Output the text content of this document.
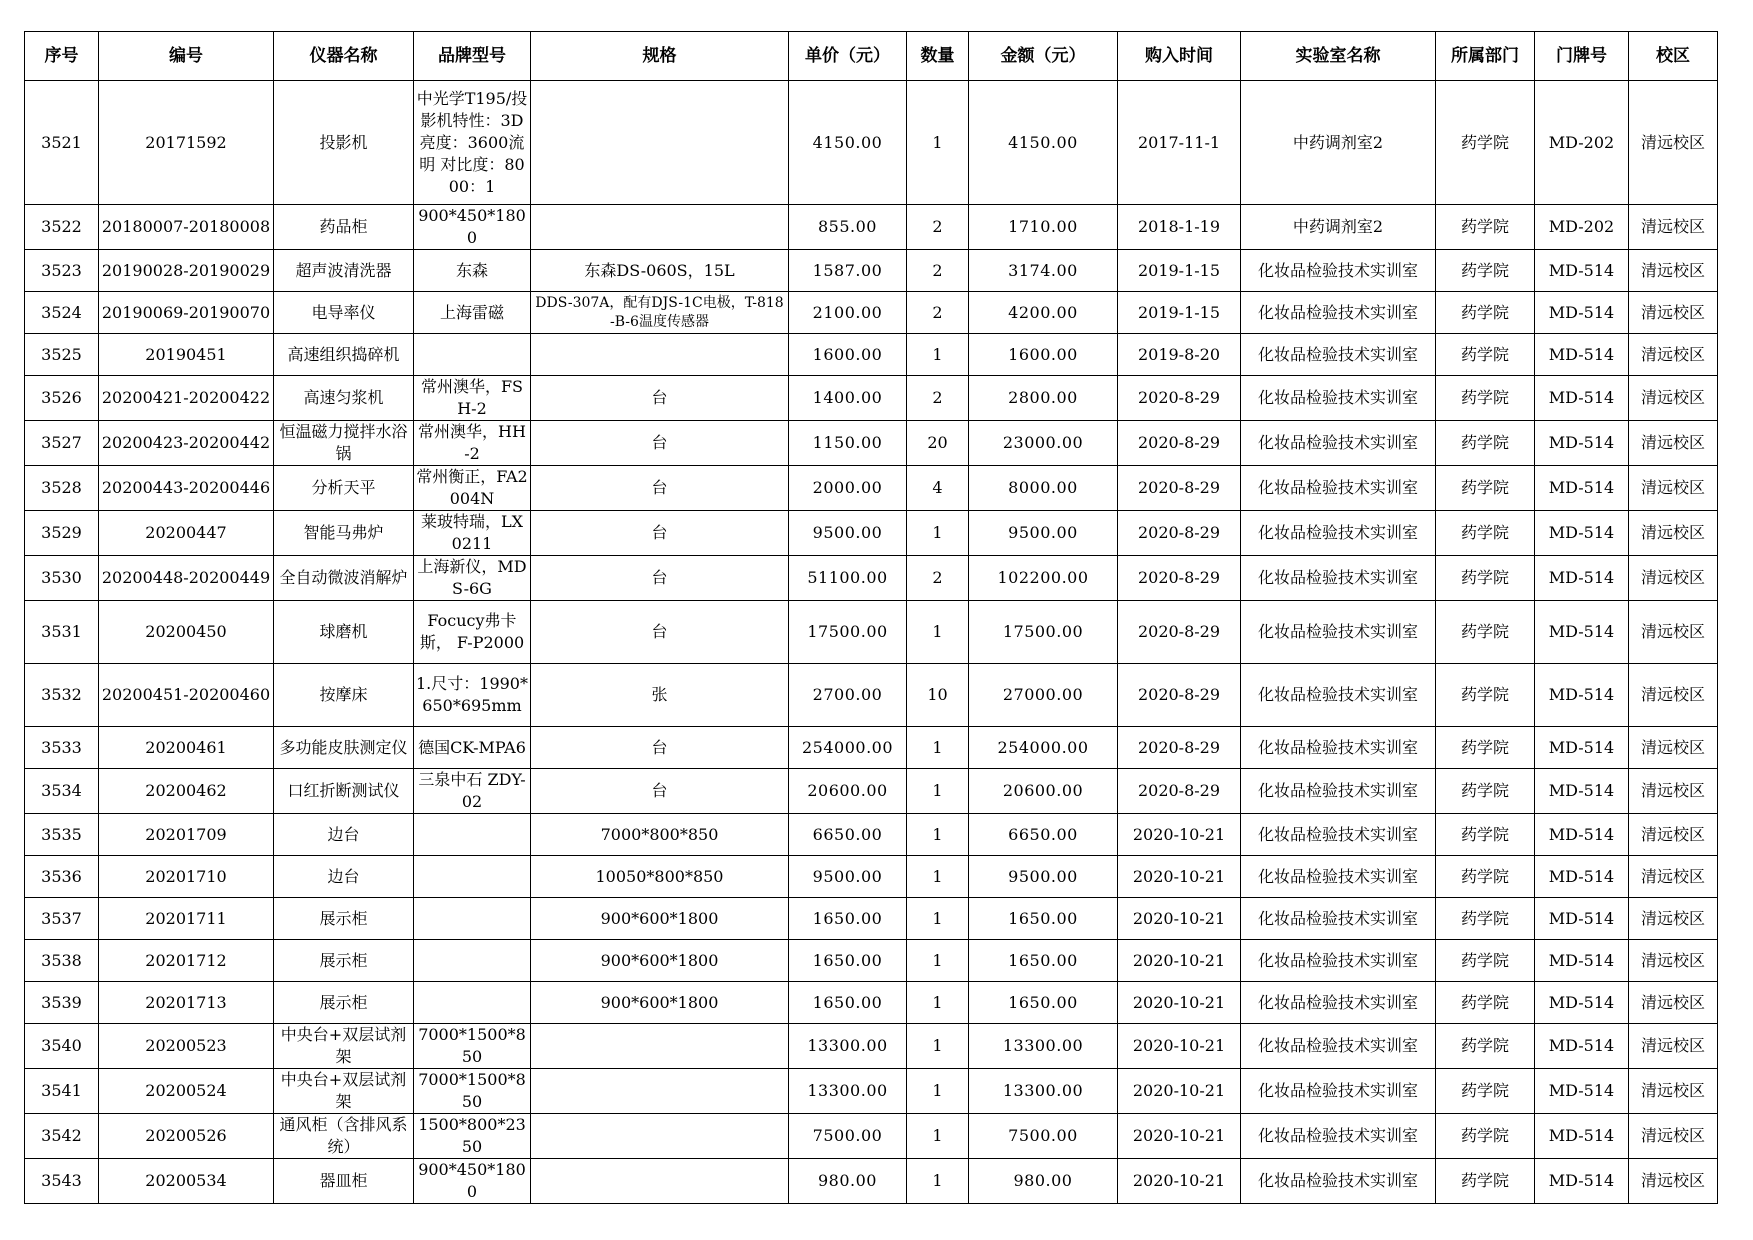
序号	编号	仪器名称	品牌型号	规格	单价（元）	数量	金额（元）	购入时间	实验室名称	所属部门	门牌号	校区

3521	20171592	投影机	中光学T195/投影机特性：3D 亮度：3600流明 对比度：8000：1		4150.00	1	4150.00	2017-11-1	中药调剂室2	药学院	MD-202	清远校区

3522	20180007-20180008	药品柜	900*450*1800		855.00	2	1710.00	2018-1-19	中药调剂室2	药学院	MD-202	清远校区

3523	20190028-20190029	超声波清洗器	东森	东森DS-060S，15L	1587.00	2	3174.00	2019-1-15	化妆品检验技术实训室	药学院	MD-514	清远校区

3524	20190069-20190070	电导率仪	上海雷磁	DDS-307A，配有DJS-1C电极，T-818-B-6温度传感器	2100.00	2	4200.00	2019-1-15	化妆品检验技术实训室	药学院	MD-514	清远校区

3525	20190451	高速组织捣碎机			1600.00	1	1600.00	2019-8-20	化妆品检验技术实训室	药学院	MD-514	清远校区

3526	20200421-20200422	高速匀浆机	常州澳华，FSH-2	台	1400.00	2	2800.00	2020-8-29	化妆品检验技术实训室	药学院	MD-514	清远校区

3527	20200423-20200442	恒温磁力搅拌水浴锅	常州澳华，HH-2	台	1150.00	20	23000.00	2020-8-29	化妆品检验技术实训室	药学院	MD-514	清远校区

3528	20200443-20200446	分析天平	常州衡正，FA2004N	台	2000.00	4	8000.00	2020-8-29	化妆品检验技术实训室	药学院	MD-514	清远校区

3529	20200447	智能马弗炉	莱玻特瑞，LX0211	台	9500.00	1	9500.00	2020-8-29	化妆品检验技术实训室	药学院	MD-514	清远校区

3530	20200448-20200449	全自动微波消解炉	上海新仪，MDS-6G	台	51100.00	2	102200.00	2020-8-29	化妆品检验技术实训室	药学院	MD-514	清远校区

3531	20200450	球磨机	Focucy弗卡斯， F-P2000	台	17500.00	1	17500.00	2020-8-29	化妆品检验技术实训室	药学院	MD-514	清远校区

3532	20200451-20200460	按摩床	1.尺寸：1990*650*695mm	张	2700.00	10	27000.00	2020-8-29	化妆品检验技术实训室	药学院	MD-514	清远校区

3533	20200461	多功能皮肤测定仪	德国CK-MPA6	台	254000.00	1	254000.00	2020-8-29	化妆品检验技术实训室	药学院	MD-514	清远校区

3534	20200462	口红折断测试仪	三泉中石 ZDY-02	台	20600.00	1	20600.00	2020-8-29	化妆品检验技术实训室	药学院	MD-514	清远校区

3535	20201709	边台		7000*800*850	6650.00	1	6650.00	2020-10-21	化妆品检验技术实训室	药学院	MD-514	清远校区

3536	20201710	边台		10050*800*850	9500.00	1	9500.00	2020-10-21	化妆品检验技术实训室	药学院	MD-514	清远校区

3537	20201711	展示柜		900*600*1800	1650.00	1	1650.00	2020-10-21	化妆品检验技术实训室	药学院	MD-514	清远校区

3538	20201712	展示柜		900*600*1800	1650.00	1	1650.00	2020-10-21	化妆品检验技术实训室	药学院	MD-514	清远校区

3539	20201713	展示柜		900*600*1800	1650.00	1	1650.00	2020-10-21	化妆品检验技术实训室	药学院	MD-514	清远校区

3540	20200523	中央台+双层试剂架	7000*1500*850		13300.00	1	13300.00	2020-10-21	化妆品检验技术实训室	药学院	MD-514	清远校区

3541	20200524	中央台+双层试剂架	7000*1500*850		13300.00	1	13300.00	2020-10-21	化妆品检验技术实训室	药学院	MD-514	清远校区

3542	20200526	通风柜（含排风系统）	1500*800*2350		7500.00	1	7500.00	2020-10-21	化妆品检验技术实训室	药学院	MD-514	清远校区

3543	20200534	器皿柜	900*450*1800		980.00	1	980.00	2020-10-21	化妆品检验技术实训室	药学院	MD-514	清远校区
